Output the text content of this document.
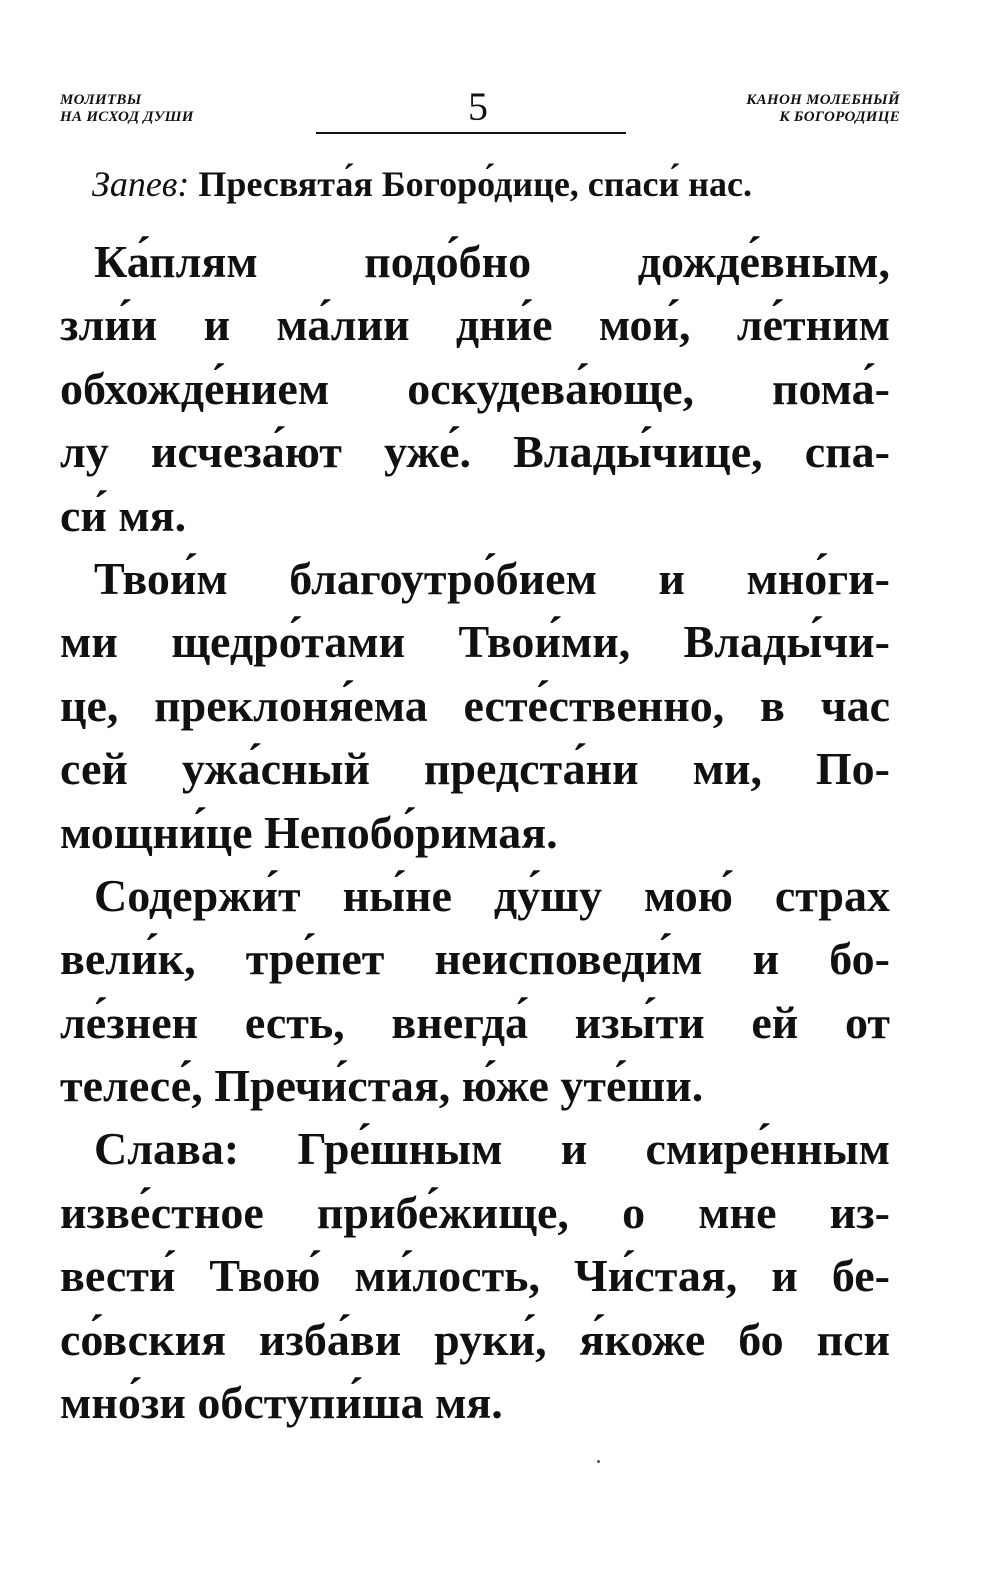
МОЛИТВЫ
НА ИСХОД ДУШИ	5	КАНОН МОЛЕБНЫЙ
К БОГОРОДИЦЕ
Запев: Пресвята́я Богоро́дице, спаси́ нас.
Ка́плям подо́бно дожде́вным,
зли́и и ма́лии дни́е мои́, ле́тним
обхожде́нием оскудева́юще, пома́-
лу исчеза́ют уже́. Влады́чице, спа-
си́ мя.
Твои́м благоутро́бием и мно́ги-
ми щедро́тами Твои́ми, Влады́чи-
це, преклоня́ема есте́ственно, в час
сей ужа́сный предста́ни ми, По-
мощни́це Непобо́римая.
Содержи́т ны́не ду́шу мою́ страх
вели́к, тре́пет неисповеди́м и бо-
ле́знен есть, внегда́ изы́ти ей от
телесе́, Пречи́стая, ю́же уте́ши.
Слава: Гре́шным и смире́нным
изве́стное прибе́жище, о мне из-
вести́ Твою́ ми́лость, Чи́стая, и бе-
со́вския изба́ви руки́, я́коже бо пси
мно́зи обступи́ша мя.
